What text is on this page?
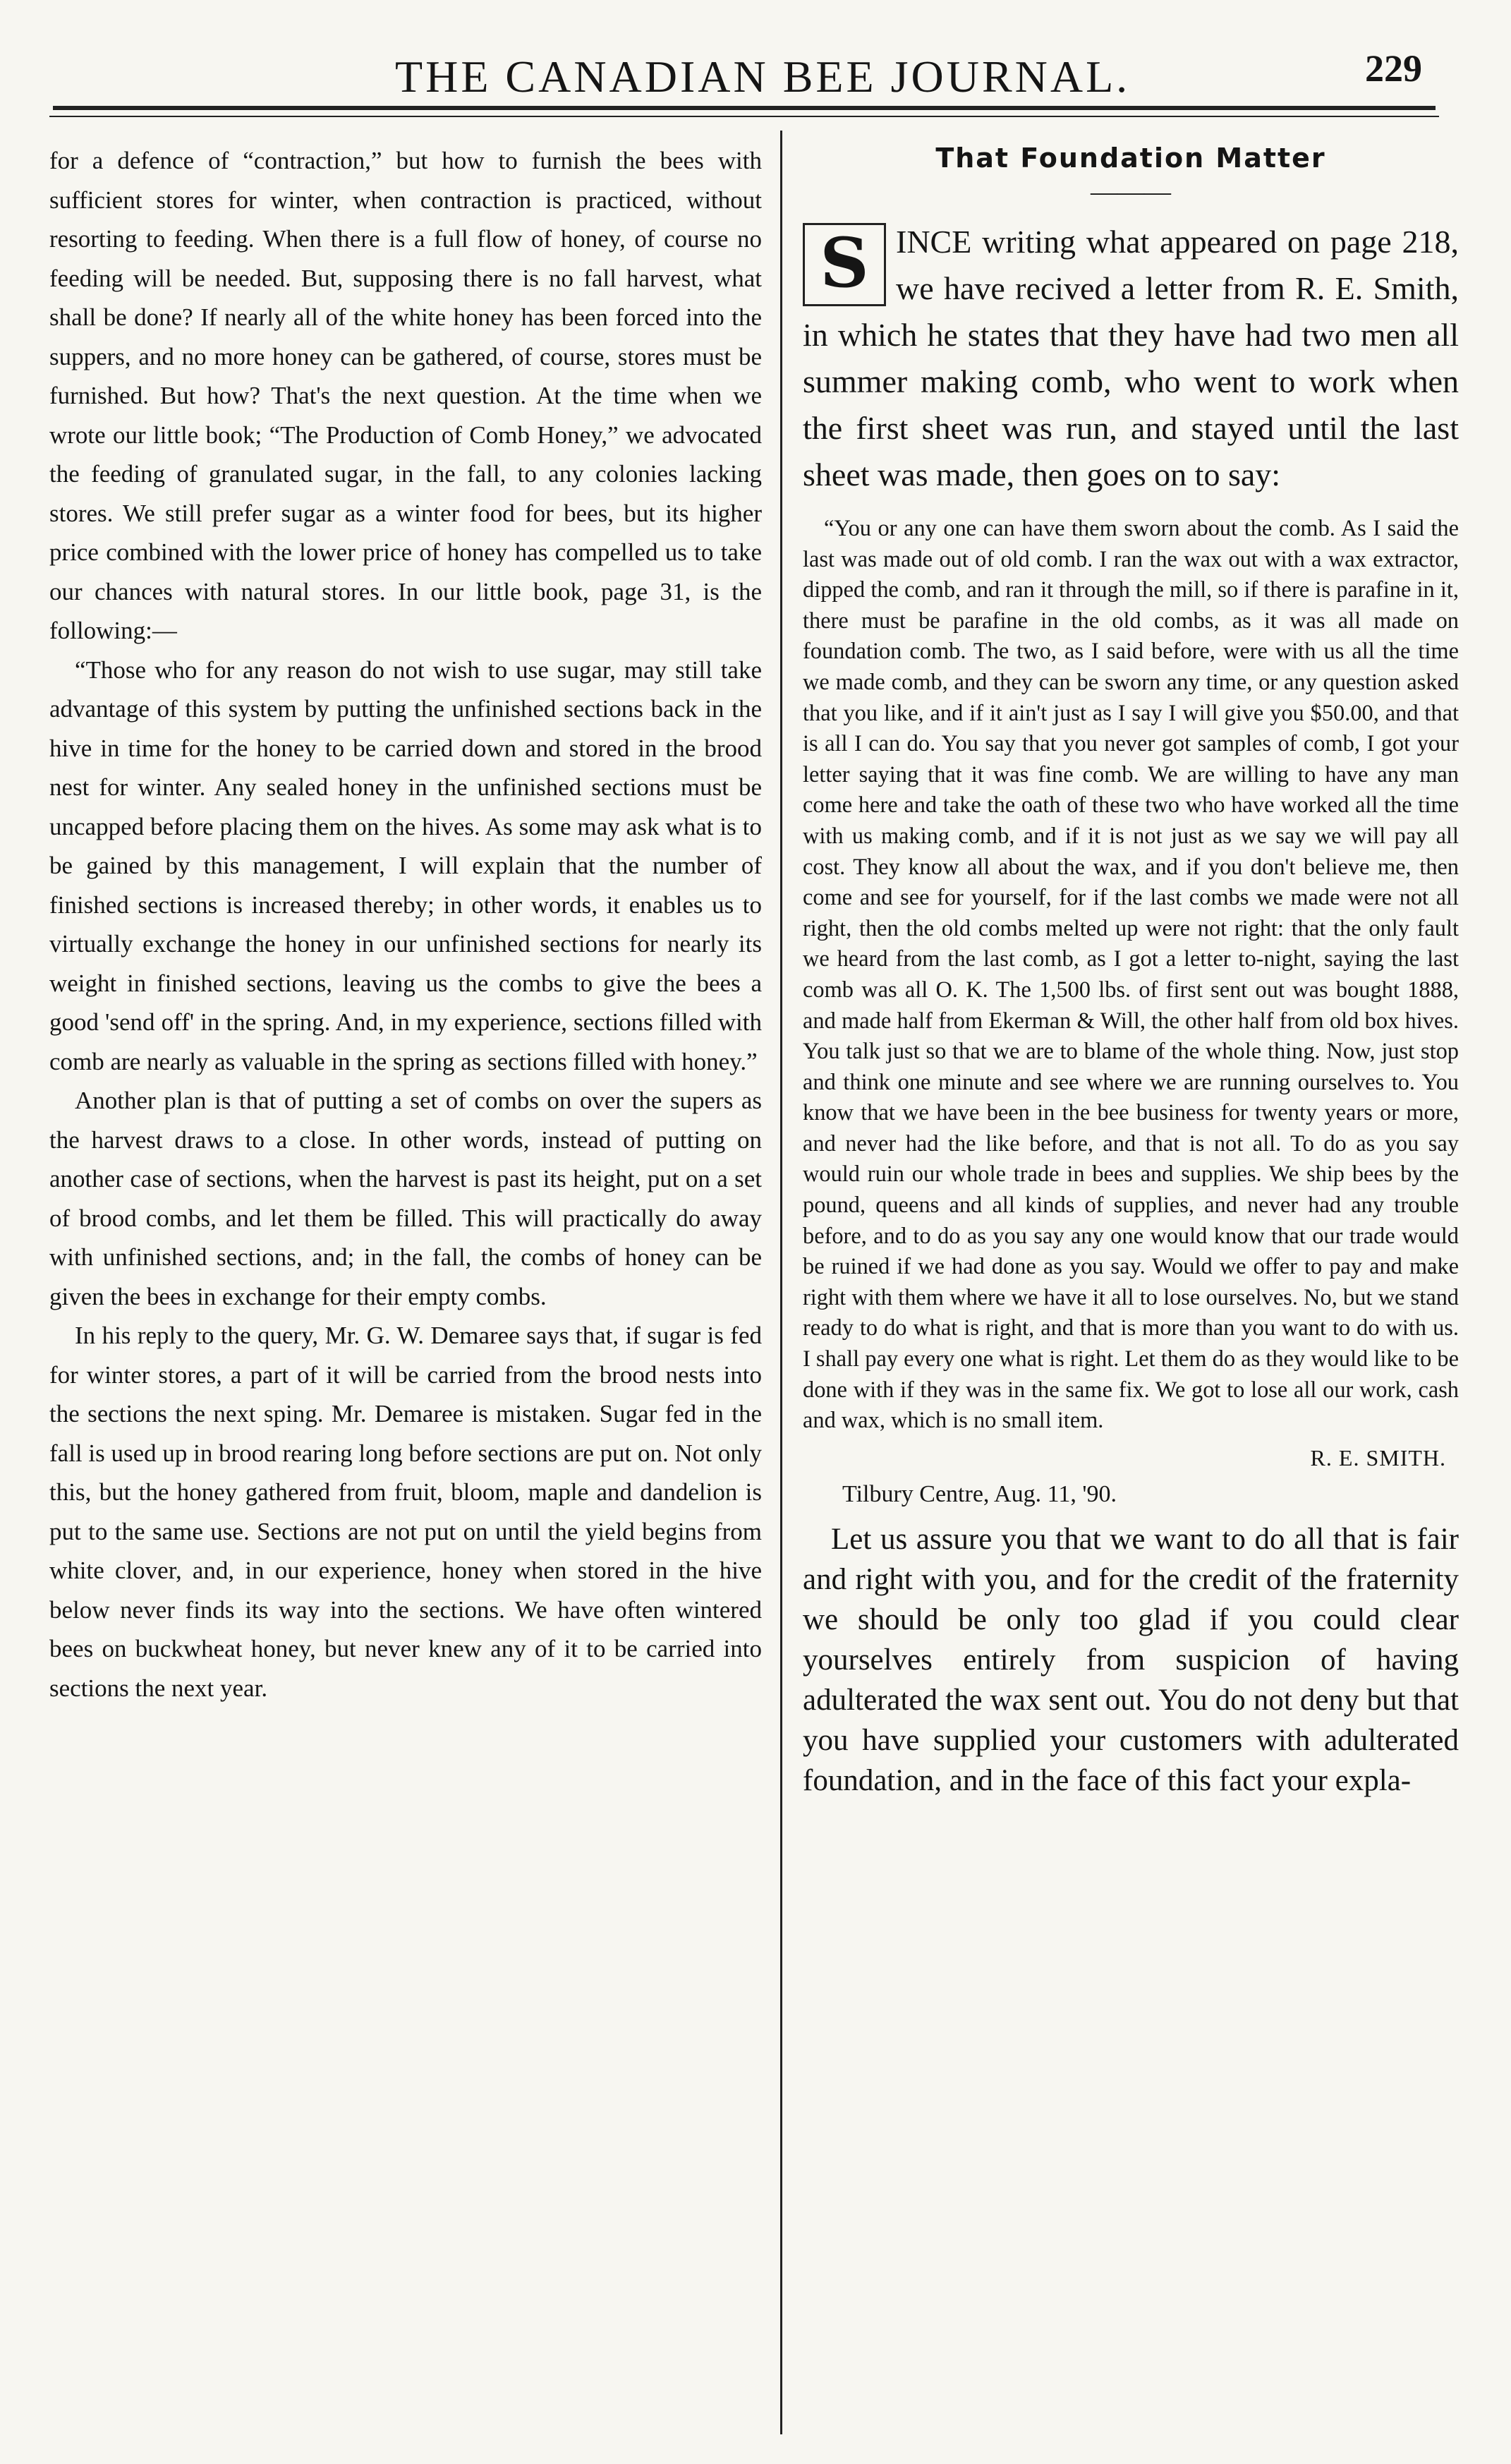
THE CANADIAN BEE JOURNAL.	229

for a defence of “contraction,” but how to furnish the bees with sufficient stores for winter, when contraction is practiced, without resorting to feeding. When there is a full flow of honey, of course no feeding will be needed. But, supposing there is no fall harvest, what shall be done? If nearly all of the white honey has been forced into the suppers, and no more honey can be gathered, of course, stores must be furnished. But how? That's the next question. At the time when we wrote our little book; “The Production of Comb Honey,” we advocated the feeding of granulated sugar, in the fall, to any colonies lacking stores. We still prefer sugar as a winter food for bees, but its higher price combined with the lower price of honey has compelled us to take our chances with natural stores. In our little book, page 31, is the following:—

“Those who for any reason do not wish to use sugar, may still take advantage of this system by putting the unfinished sections back in the hive in time for the honey to be carried down and stored in the brood nest for winter. Any sealed honey in the unfinished sections must be uncapped before placing them on the hives. As some may ask what is to be gained by this management, I will explain that the number of finished sections is increased thereby; in other words, it enables us to virtually exchange the honey in our unfinished sections for nearly its weight in finished sections, leaving us the combs to give the bees a good 'send off' in the spring. And, in my experience, sections filled with comb are nearly as valuable in the spring as sections filled with honey.”

Another plan is that of putting a set of combs on over the supers as the harvest draws to a close. In other words, instead of putting on another case of sections, when the harvest is past its height, put on a set of brood combs, and let them be filled. This will practically do away with unfinished sections, and; in the fall, the combs of honey can be given the bees in exchange for their empty combs.

In his reply to the query, Mr. G. W. Demaree says that, if sugar is fed for winter stores, a part of it will be carried from the brood nests into the sections the next sping. Mr. Demaree is mistaken. Sugar fed in the fall is used up in brood rearing long before sections are put on. Not only this, but the honey gathered from fruit, bloom, maple and dandelion is put to the same use. Sections are not put on until the yield begins from white clover, and, in our experience, honey when stored in the hive below never finds its way into the sections. We have often wintered bees on buckwheat honey, but never knew any of it to be carried into sections the next year.

That Foundation Matter
———

S INCE writing what appeared on page 218, we have recived a letter from R. E. Smith, in which he states that they have had two men all summer making comb, who went to work when the first sheet was run, and stayed until the last sheet was made, then goes on to say:

“You or any one can have them sworn about the comb. As I said the last was made out of old comb. I ran the wax out with a wax extractor, dipped the comb, and ran it through the mill, so if there is parafine in it, there must be parafine in the old combs, as it was all made on foundation comb. The two, as I said before, were with us all the time we made comb, and they can be sworn any time, or any question asked that you like, and if it ain't just as I say I will give you $50.00, and that is all I can do. You say that you never got samples of comb, I got your letter saying that it was fine comb. We are willing to have any man come here and take the oath of these two who have worked all the time with us making comb, and if it is not just as we say we will pay all cost. They know all about the wax, and if you don't believe me, then come and see for yourself, for if the last combs we made were not all right, then the old combs melted up were not right: that the only fault we heard from the last comb, as I got a letter to-night, saying the last comb was all O. K. The 1,500 lbs. of first sent out was bought 1888, and made half from Ekerman & Will, the other half from old box hives. You talk just so that we are to blame of the whole thing. Now, just stop and think one minute and see where we are running ourselves to. You know that we have been in the bee business for twenty years or more, and never had the like before, and that is not all. To do as you say would ruin our whole trade in bees and supplies. We ship bees by the pound, queens and all kinds of supplies, and never had any trouble before, and to do as you say any one would know that our trade would be ruined if we had done as you say. Would we offer to pay and make right with them where we have it all to lose ourselves. No, but we stand ready to do what is right, and that is more than you want to do with us. I shall pay every one what is right. Let them do as they would like to be done with if they was in the same fix. We got to lose all our work, cash and wax, which is no small item.

R. E. SMITH.
Tilbury Centre, Aug. 11, '90.

Let us assure you that we want to do all that is fair and right with you, and for the credit of the fraternity we should be only too glad if you could clear yourselves entirely from suspicion of having adulterated the wax sent out. You do not deny but that you have supplied your customers with adulterated foundation, and in the face of this fact your expla-
